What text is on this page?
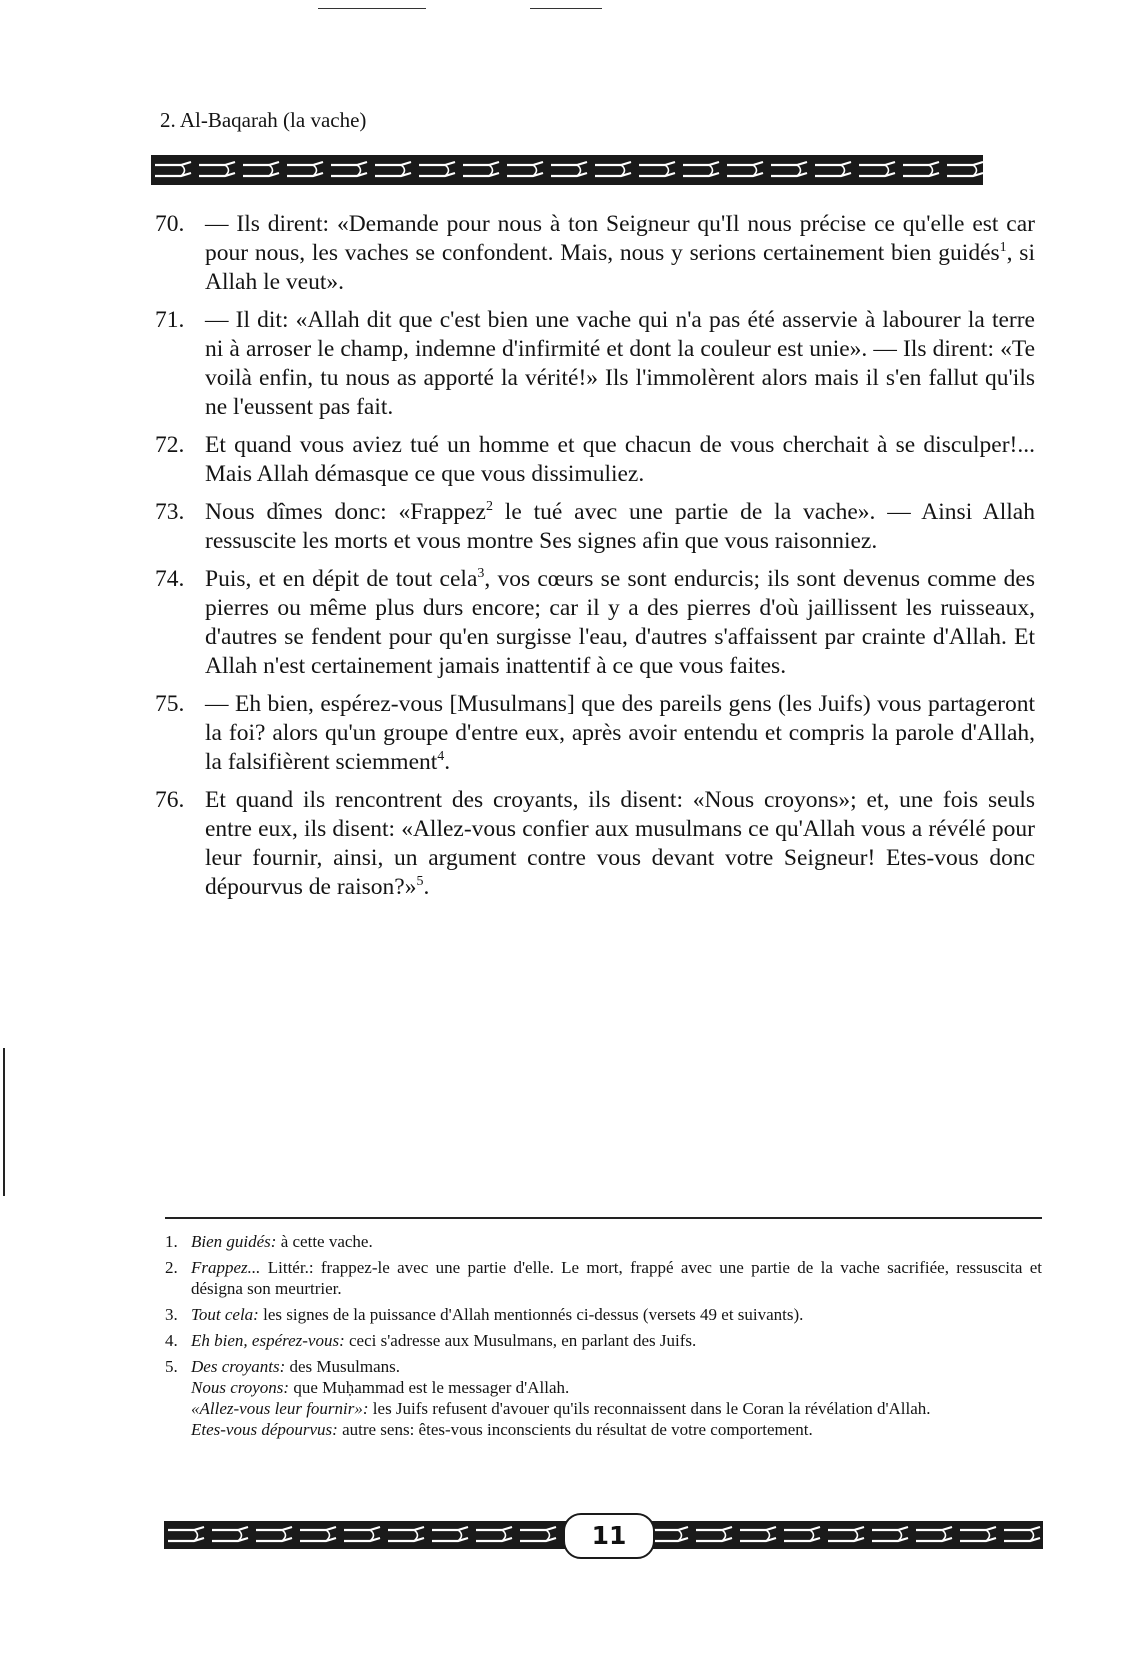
2. Al-Baqarah (la vache)
70. — Ils dirent: «Demande pour nous à ton Seigneur qu'Il nous précise ce qu'elle est car pour nous, les vaches se confondent. Mais, nous y serions certainement bien guidés$^1$, si Allah le veut».
71. — Il dit: «Allah dit que c'est bien une vache qui n'a pas été asservie à labourer la terre ni à arroser le champ, indemne d'infirmité et dont la couleur est unie». — Ils dirent: «Te voilà enfin, tu nous as apporté la vérité!» Ils l'immolèrent alors mais il s'en fallut qu'ils ne l'eussent pas fait.
72. Et quand vous aviez tué un homme et que chacun de vous cherchait à se disculper!... Mais Allah démasque ce que vous dissimuliez.
73. Nous dîmes donc: «Frappez$^2$ le tué avec une partie de la vache». — Ainsi Allah ressuscite les morts et vous montre Ses signes afin que vous raisonniez.
74. Puis, et en dépit de tout cela$^3$, vos cœurs se sont endurcis; ils sont devenus comme des pierres ou même plus durs encore; car il y a des pierres d'où jaillissent les ruisseaux, d'autres se fendent pour qu'en surgisse l'eau, d'autres s'affaissent par crainte d'Allah. Et Allah n'est certainement jamais inattentif à ce que vous faites.
75. — Eh bien, espérez-vous [Musulmans] que des pareils gens (les Juifs) vous partageront la foi? alors qu'un groupe d'entre eux, après avoir entendu et compris la parole d'Allah, la falsifièrent sciemment$^4$.
76. Et quand ils rencontrent des croyants, ils disent: «Nous croyons»; et, une fois seuls entre eux, ils disent: «Allez-vous confier aux musulmans ce qu'Allah vous a révélé pour leur fournir, ainsi, un argument contre vous devant votre Seigneur! Etes-vous donc dépourvus de raison?»$^5$.
1. Bien guidés: à cette vache.
2. Frappez... Littér.: frappez-le avec une partie d'elle. Le mort, frappé avec une partie de la vache sacrifiée, ressuscita et désigna son meurtrier.
3. Tout cela: les signes de la puissance d'Allah mentionnés ci-dessus (versets 49 et suivants).
4. Eh bien, espérez-vous: ceci s'adresse aux Musulmans, en parlant des Juifs.
5. Des croyants: des Musulmans.

Nous croyons: que Muḥammad est le messager d'Allah.

«Allez-vous leur fournir»: les Juifs refusent d'avouer qu'ils reconnaissent dans le Coran la révélation d'Allah.

Etes-vous dépourvus: autre sens: êtes-vous inconscients du résultat de votre comportement.

11
